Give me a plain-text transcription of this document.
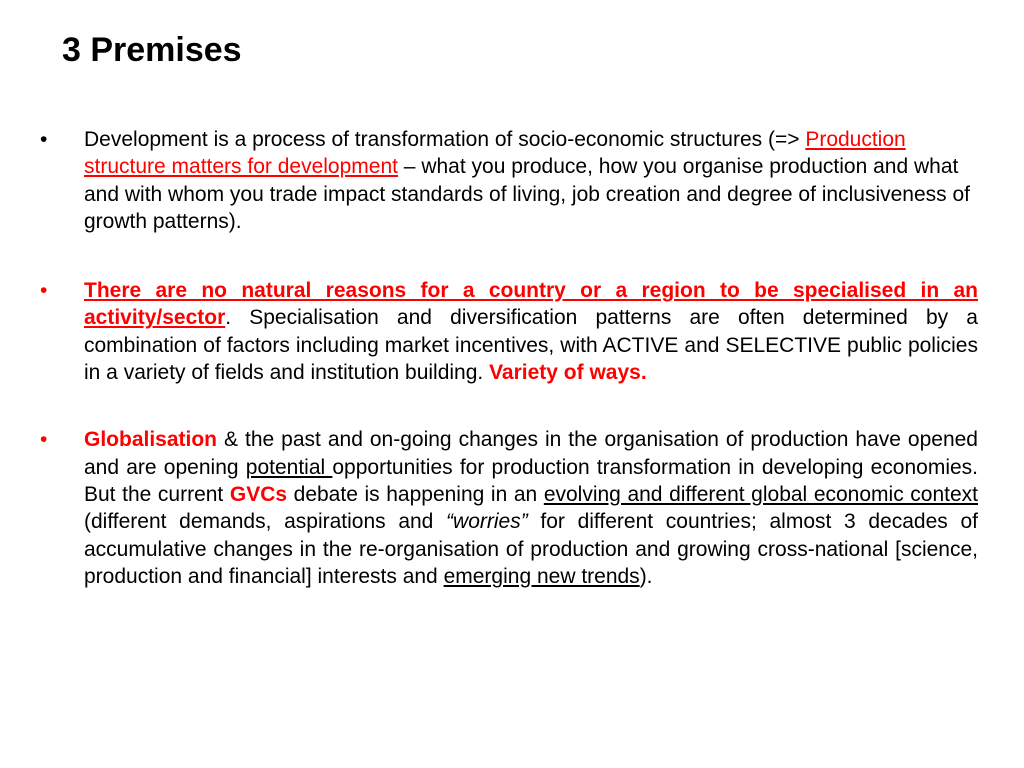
3 Premises
•	Development is a process of transformation of socio-economic structures (=> Production structure matters for development – what you produce, how you organise production and what and with whom you trade impact standards of living, job creation and degree of inclusiveness of growth patterns).
•	There are no natural reasons for a country or a region to be specialised in an activity/sector. Specialisation and diversification patterns are often determined by a combination of factors including market incentives, with ACTIVE and SELECTIVE public policies in a variety of fields and institution building. Variety of ways.
•	Globalisation & the past and on-going changes in the organisation of production have opened and are opening potential opportunities for production transformation in developing economies. But the current GVCs debate is happening in an evolving and different global economic context (different demands, aspirations and “worries” for different countries; almost 3 decades of accumulative changes in the re-organisation of production and growing cross-national [science, production and financial] interests and emerging new trends).
